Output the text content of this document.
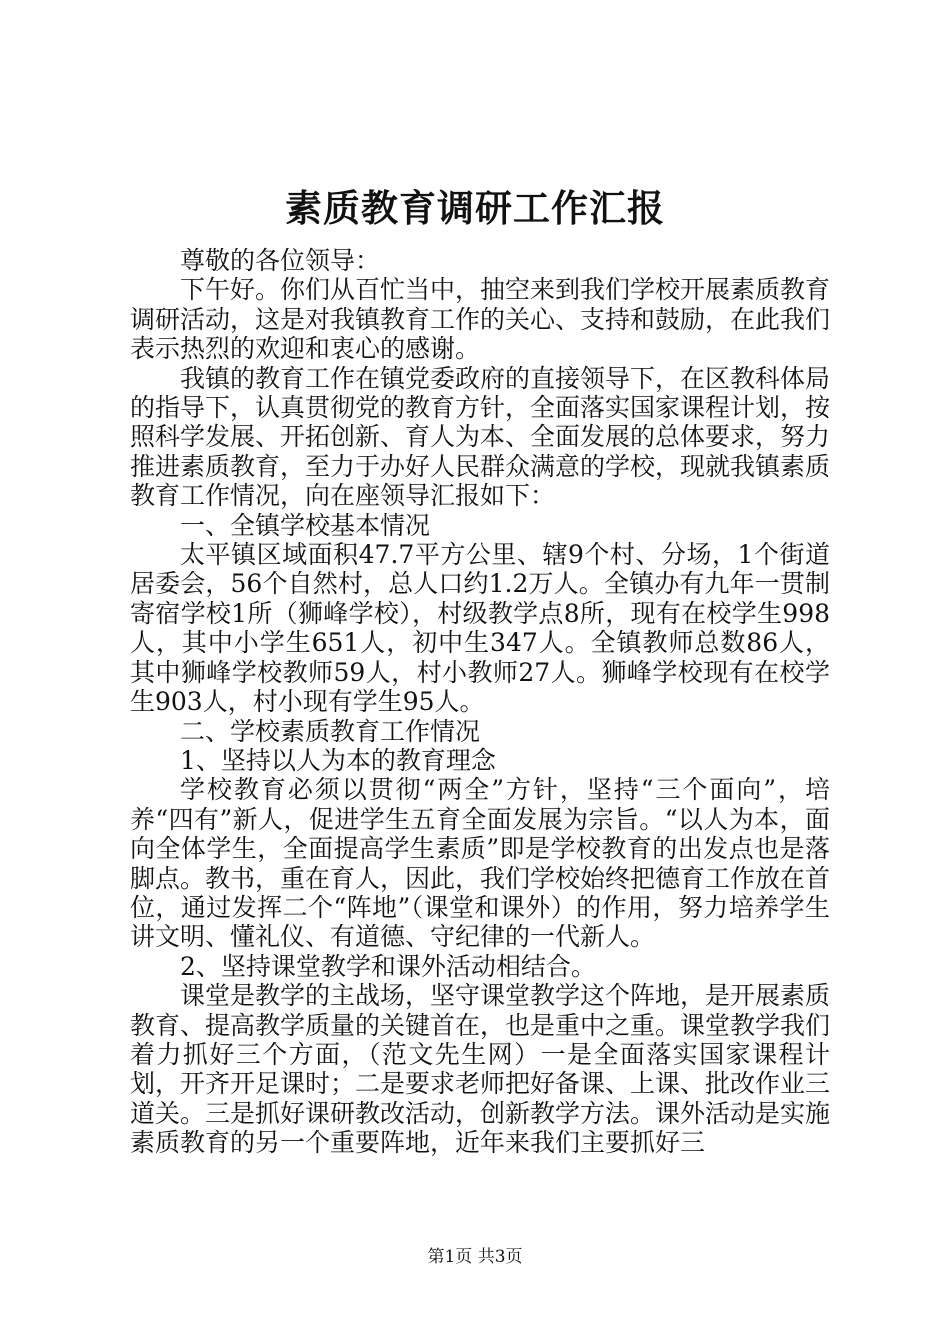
素质教育调研工作汇报

尊敬的各位领导：

下午好。你们从百忙当中，抽空来到我们学校开展素质教育调研活动，这是对我镇教育工作的关心、支持和鼓励，在此我们表示热烈的欢迎和衷心的感谢。

我镇的教育工作在镇党委政府的直接领导下，在区教科体局的指导下，认真贯彻党的教育方针，全面落实国家课程计划，按照科学发展、开拓创新、育人为本、全面发展的总体要求，努力推进素质教育，至力于办好人民群众满意的学校，现就我镇素质教育工作情况，向在座领导汇报如下：

一、全镇学校基本情况

太平镇区域面积47.7平方公里、辖9个村、分场，1个街道居委会，56个自然村，总人口约1.2万人。全镇办有九年一贯制寄宿学校1所（狮峰学校），村级教学点8所，现有在校学生998人，其中小学生651人，初中生347人。全镇教师总数86人，其中狮峰学校教师59人，村小教师27人。狮峰学校现有在校学生903人，村小现有学生95人。

二、学校素质教育工作情况

1、坚持以人为本的教育理念

学校教育必须以贯彻“两全”方针，坚持“三个面向”，培养“四有”新人，促进学生五育全面发展为宗旨。“以人为本，面向全体学生，全面提高学生素质”即是学校教育的出发点也是落脚点。教书，重在育人，因此，我们学校始终把德育工作放在首位，通过发挥二个“阵地”（课堂和课外）的作用，努力培养学生讲文明、懂礼仪、有道德、守纪律的一代新人。

2、坚持课堂教学和课外活动相结合。

课堂是教学的主战场，坚守课堂教学这个阵地，是开展素质教育、提高教学质量的关键首在，也是重中之重。课堂教学我们着力抓好三个方面，（范文先生网）一是全面落实国家课程计划，开齐开足课时；二是要求老师把好备课、上课、批改作业三道关。三是抓好课研教改活动，创新教学方法。课外活动是实施素质教育的另一个重要阵地，近年来我们主要抓好三

第1页 共3页
